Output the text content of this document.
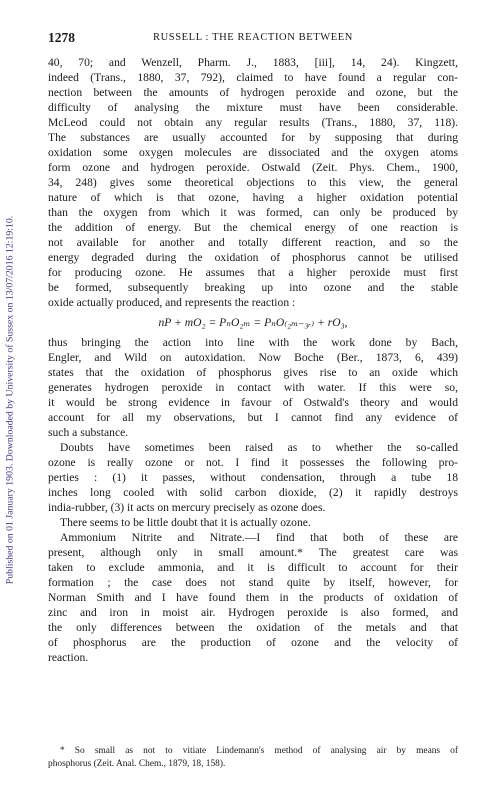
Published on 01 January 1903. Downloaded by University of Sussex on 13/07/2016 12:19:10.
1278	RUSSELL : THE REACTION BETWEEN
40, 70; and Wenzell, Pharm. J., 1883, [iii], 14, 24). Kingzett,
indeed (Trans., 1880, 37, 792), claimed to have found a regular con-
nection between the amounts of hydrogen peroxide and ozone, but the
difficulty of analysing the mixture must have been considerable.
McLeod could not obtain any regular results (Trans., 1880, 37, 118).
The substances are usually accounted for by supposing that during
oxidation some oxygen molecules are dissociated and the oxygen atoms
form ozone and hydrogen peroxide. Ostwald (Zeit. Phys. Chem., 1900,
34, 248) gives some theoretical objections to this view, the general
nature of which is that ozone, having a higher oxidation potential
than the oxygen from which it was formed, can only be produced by
the addition of energy. But the chemical energy of one reaction is
not available for another and totally different reaction, and so the
energy degraded during the oxidation of phosphorus cannot be utilised
for producing ozone. He assumes that a higher peroxide must first
be formed, subsequently breaking up into ozone and the stable
oxide actually produced, and represents the reaction :
nP + mO₂ = PₙO₂ₘ = PₙO₍₂ₘ₋₃ᵣ₎ + rO₃,
thus bringing the action into line with the work done by Bach,
Engler, and Wild on autoxidation. Now Boche (Ber., 1873, 6, 439)
states that the oxidation of phosphorus gives rise to an oxide which
generates hydrogen peroxide in contact with water. If this were so,
it would be strong evidence in favour of Ostwald's theory and would
account for all my observations, but I cannot find any evidence of
such a substance.
Doubts have sometimes been raised as to whether the so-called
ozone is really ozone or not. I find it possesses the following pro-
perties : (1) it passes, without condensation, through a tube 18
inches long cooled with solid carbon dioxide, (2) it rapidly destroys
india-rubber, (3) it acts on mercury precisely as ozone does.
There seems to be little doubt that it is actually ozone.
Ammonium Nitrite and Nitrate.—I find that both of these are
present, although only in small amount.* The greatest care was
taken to exclude ammonia, and it is difficult to account for their
formation ; the case does not stand quite by itself, however, for
Norman Smith and I have found them in the products of oxidation of
zinc and iron in moist air. Hydrogen peroxide is also formed, and
the only differences between the oxidation of the metals and that
of phosphorus are the production of ozone and the velocity of
reaction.
* So small as not to vitiate Lindemann's method of analysing air by means of
phosphorus (Zeit. Anal. Chem., 1879, 18, 158).
